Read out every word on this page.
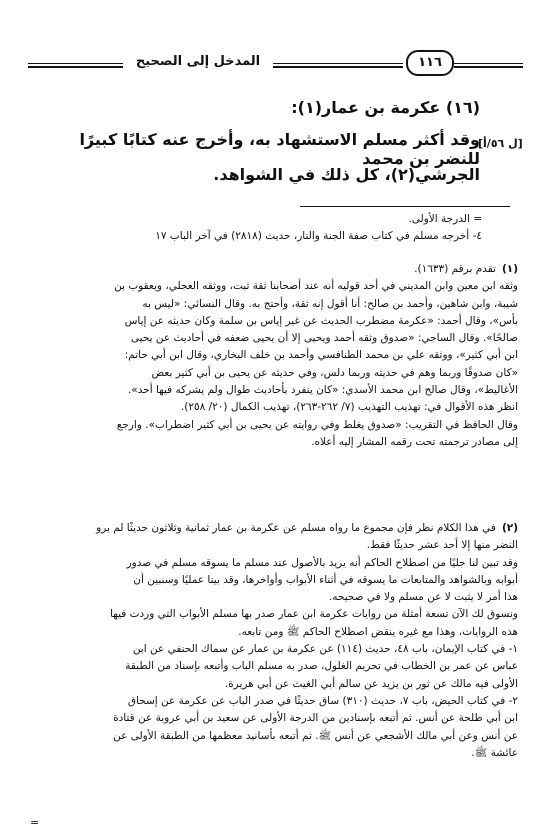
المدخل إلى الصحيح	١١٦
(١٦) عكرمة بن عمار(١):
وقد أكثر مسلم الاستشهاد به، وأخرج عنه كتابًا كبيرًا للنضر بن محمد
الجرشي(٢)، كل ذلك في الشواهد.
[ل ٥٦/أ]
= الدرجة الأولى.
٤- أخرجه مسلم في كتاب صفة الجنة والنار، حديث (٢٨١٨) في آخر الباب ١٧

(١)تقدم برقم (١٦٣٣).

وثقه ابن معين وابن المديني في أحد قوليه أنه عند أصحابنا ثقة ثبت، ووثقه العجلي، ويعقوب بن

شيبة، وابن شاهين، وأحمد بن صالح: أنا أقول إنه ثقة، وأحتج به. وقال النسائي: «ليس به

بأس»، وقال أحمد: «عكرمة مضطرب الحديث عن غير إياس بن سلمة وكان حديثه عن إياس

صالحًا». وقال الساجي: «صدوق وثقه أحمد ويحيى إلا أن يحيى ضعفه في أحاديث عن يحيى

ابن أبي كثير»، ووثقه علي بن محمد الطنافسي وأحمد بن خلف البخاري، وقال ابن أبي حاتم:

«كان صدوقًا وربما وهم في حديثه وربما دلس، وفي حديثه عن يحيى بن أبي كثير بعض

الأغاليط»، وقال صالح ابن محمد الأسدي: «كان ينفرد بأحاديث طوال ولم يشركه فيها أحد».

انظر هذه الأقوال في: تهذيب التهذيب (٧/ ٢٦٢-٢٦٣)، تهذيب الكمال (٢٠/ ٢٥٨).

وقال الحافظ في التقريب: «صدوق يغلط وفي روايته عن يحيى بن أبي كثير اضطراب». وارجع

إلى مصادر ترجمته تحت رقمه المشار إليه أعلاه.

(٢)في هذا الكلام نظر فإن مجموع ما رواه مسلم عن عكرمة بن عمار ثمانية وثلاثون حديثًا لم يرو

النضر منها إلا أحد عشر حديثًا فقط.

وقد تبين لنا جليًا من اصطلاح الحاكم أنه يريد بالأصول عند مسلم ما يسوقه مسلم في صدور

أبوابه وبالشواهد والمتابعات ما يسوقه في أثناء الأبواب وأواخرها، وقد بينا عمليًا وسنبين أن

هذا أمر لا يثبت لا عن مسلم ولا في صحيحه.

ونسوق لك الآن تسعة أمثلة من روايات عكرمة ابن عمار صدر بها مسلم الأبواب التي وردت فيها

هذه الروايات، وهذا مع غيره ينقض اصطلاح الحاكم ﷺ ومن تابعه.

١- في كتاب الإيمان، باب ٤٨، حديث (١١٤) عن عكرمة بن عمار عن سماك الحنفي عن ابن

عباس عن عمر بن الخطاب في تحريم الغلول، صدر به مسلم الباب وأتبعه بإسناد من الطبقة

الأولى فيه مالك عن ثور بن يزيد عن سالم أبي الغيث عن أبي هريرة.

٢- في كتاب الحيض، باب ٧، حديث (٣١٠) ساق حديثًا في صدر الباب عن عكرمة عن إسحاق

ابن أبي طلحة عن أنس. ثم أتبعه بإسنادين من الدرجة الأولى عن سعيد بن أبي عروبة عن قتادة

عن أنس وعن أبي مالك الأشجعي عن أنس ﷺ. ثم أتبعه بأسانيد معظمها من الطبقة الأولى عن

عائشة ﷺ.

=
